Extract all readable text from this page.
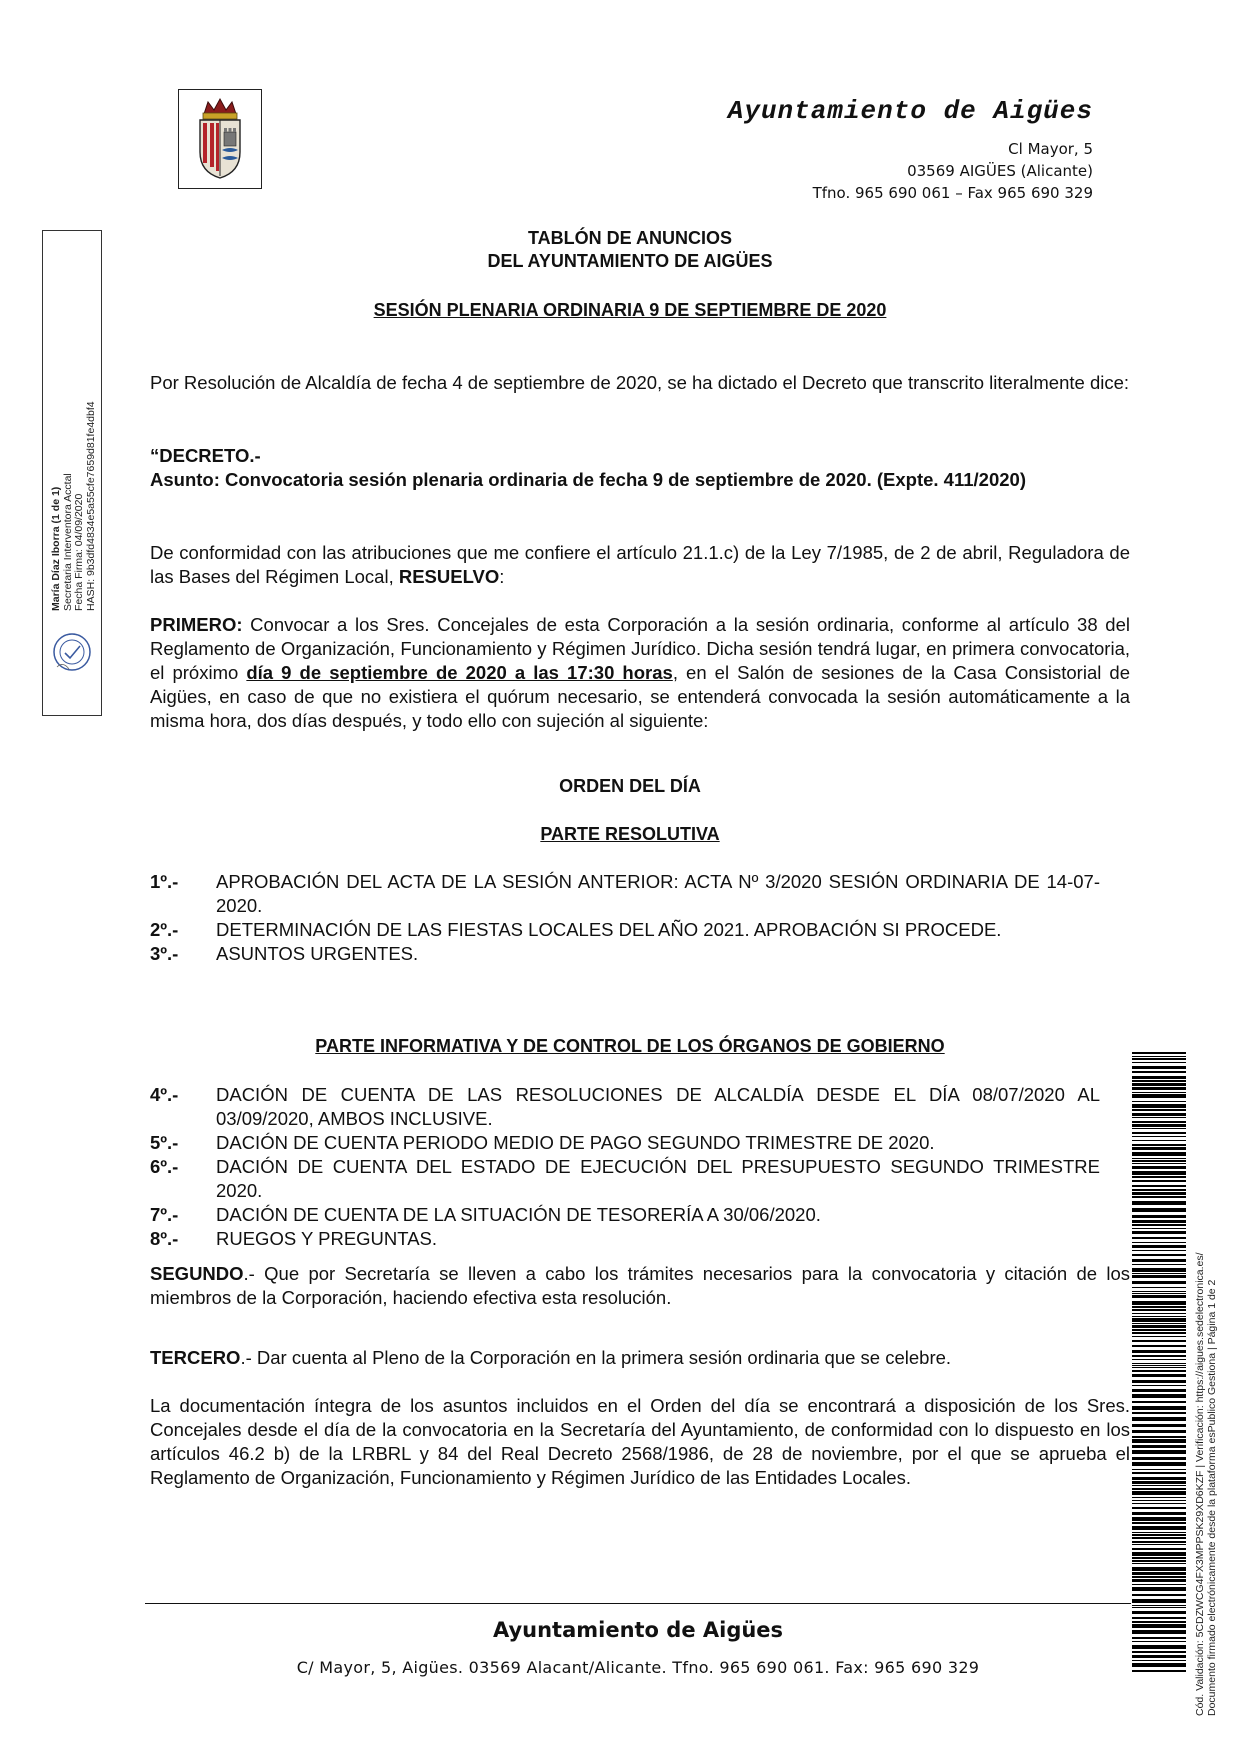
Ayuntamiento de Aigües
Cl Mayor, 5
03569 AIGÜES (Alicante)
Tfno. 965 690 061 – Fax 965 690 329
María Díaz Iborra (1 de 1) Secretaria Interventora Acctal Fecha Firma: 04/09/2020 HASH: 9b3dfd4834e5a55cfe7659d81fe4dbf4
TABLÓN DE ANUNCIOS
DEL AYUNTAMIENTO DE AIGÜES
SESIÓN PLENARIA ORDINARIA 9 DE SEPTIEMBRE DE 2020
Por Resolución de Alcaldía de fecha 4 de septiembre de 2020, se ha dictado el Decreto que transcrito literalmente dice:
“DECRETO.-
Asunto: Convocatoria sesión plenaria ordinaria de fecha 9 de septiembre de 2020. (Expte. 411/2020)
De conformidad con las atribuciones que me confiere el artículo 21.1.c) de la Ley 7/1985, de 2 de abril, Reguladora de las Bases del Régimen Local, RESUELVO:
PRIMERO: Convocar a los Sres. Concejales de esta Corporación a la sesión ordinaria, conforme al artículo 38 del Reglamento de Organización, Funcionamiento y Régimen Jurídico. Dicha sesión tendrá lugar, en primera convocatoria, el próximo día 9 de septiembre de 2020 a las 17:30 horas, en el Salón de sesiones de la Casa Consistorial de Aigües, en caso de que no existiera el quórum necesario, se entenderá convocada la sesión automáticamente a la misma hora, dos días después, y todo ello con sujeción al siguiente:
ORDEN DEL DÍA
PARTE RESOLUTIVA
1º.-	APROBACIÓN DEL ACTA DE LA SESIÓN ANTERIOR: ACTA Nº 3/2020 SESIÓN ORDINARIA DE 14-07-2020.
2º.-	DETERMINACIÓN DE LAS FIESTAS LOCALES DEL AÑO 2021. APROBACIÓN SI PROCEDE.
3º.-	ASUNTOS URGENTES.
PARTE INFORMATIVA Y DE CONTROL DE LOS ÓRGANOS DE GOBIERNO
4º.-	DACIÓN DE CUENTA DE LAS RESOLUCIONES DE ALCALDÍA DESDE EL DÍA 08/07/2020 AL 03/09/2020, AMBOS INCLUSIVE.
5º.-	DACIÓN DE CUENTA PERIODO MEDIO DE PAGO SEGUNDO TRIMESTRE DE 2020.
6º.-	DACIÓN DE CUENTA DEL ESTADO DE EJECUCIÓN DEL PRESUPUESTO SEGUNDO TRIMESTRE 2020.
7º.-	DACIÓN DE CUENTA DE LA SITUACIÓN DE TESORERÍA A 30/06/2020.
8º.-	RUEGOS Y PREGUNTAS.
SEGUNDO.- Que por Secretaría se lleven a cabo los trámites necesarios para la convocatoria y citación de los miembros de la Corporación, haciendo efectiva esta resolución.
TERCERO.- Dar cuenta al Pleno de la Corporación en la primera sesión ordinaria que se celebre.
La documentación íntegra de los asuntos incluidos en el Orden del día se encontrará a disposición de los Sres. Concejales desde el día de la convocatoria en la Secretaría del Ayuntamiento, de conformidad con lo dispuesto en los artículos 46.2 b) de la LRBRL y 84 del Real Decreto 2568/1986, de 28 de noviembre, por el que se aprueba el Reglamento de Organización, Funcionamiento y Régimen Jurídico de las Entidades Locales.	Cód. Validación: 5CDZWCG4FX3MPPSK29XD6KZF | Verificación: https://aigues.sedelectronica.es/ Documento firmado electrónicamente desde la plataforma esPublico Gestiona | Página 1 de 2
Ayuntamiento de Aigües
C/ Mayor, 5, Aigües. 03569 Alacant/Alicante. Tfno. 965 690 061. Fax: 965 690 329
